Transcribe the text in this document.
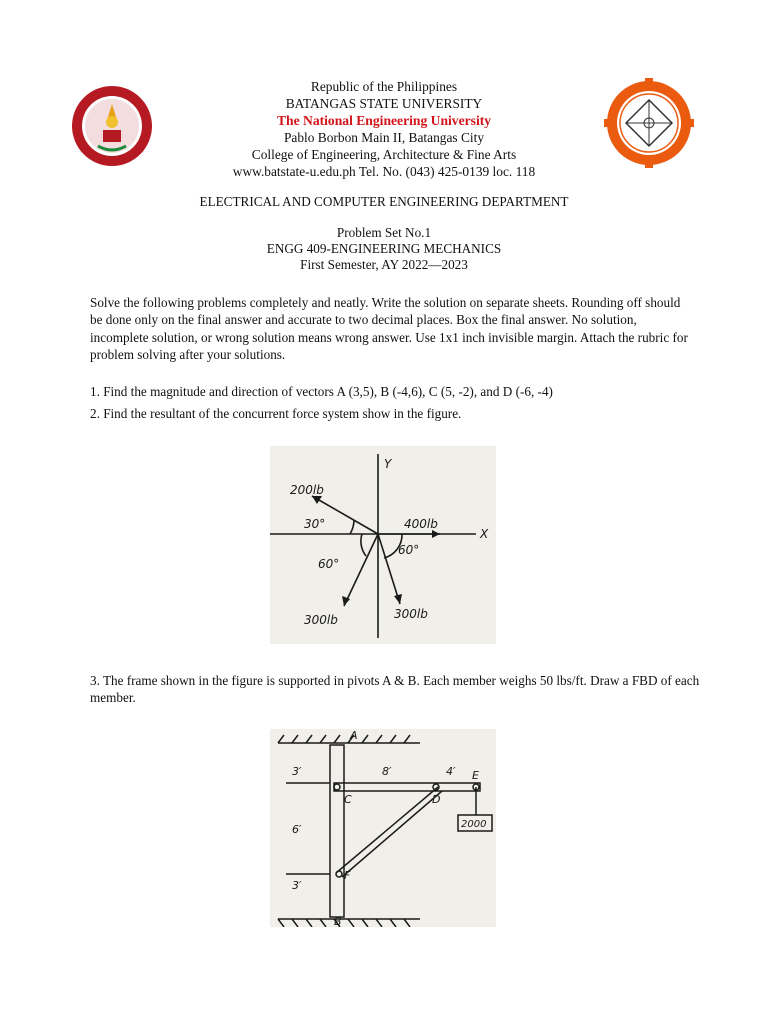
Republic of the Philippines
BATANGAS STATE UNIVERSITY
The National Engineering University
Pablo Borbon Main II, Batangas City
College of Engineering, Architecture & Fine Arts
www.batstate-u.edu.ph Tel. No. (043) 425-0139 loc. 118
ELECTRICAL AND COMPUTER ENGINEERING DEPARTMENT
Problem Set No.1
ENGG 409-ENGINEERING MECHANICS
First Semester, AY 2022—2023
Solve the following problems completely and neatly. Write the solution on separate sheets. Rounding off should be done only on the final answer and accurate to two decimal places. Box the final answer. No solution, incomplete solution, or wrong solution means wrong answer. Use 1x1 inch invisible margin. Attach the rubric for problem solving after your solutions.
1. Find the magnitude and direction of vectors A (3,5), B (-4,6), C (5, -2), and D (-6, -4)
2. Find the resultant of the concurrent force system show in the figure.
Y
X
200lb
400lb
300lb	300lb
30°
60°
60°
3. The frame shown in the figure is supported in pivots A & B. Each member weighs 50 lbs/ft. Draw a FBD of each member.
A
B
C	D
E
F
3′
6′
3′
8′	4′
2000
